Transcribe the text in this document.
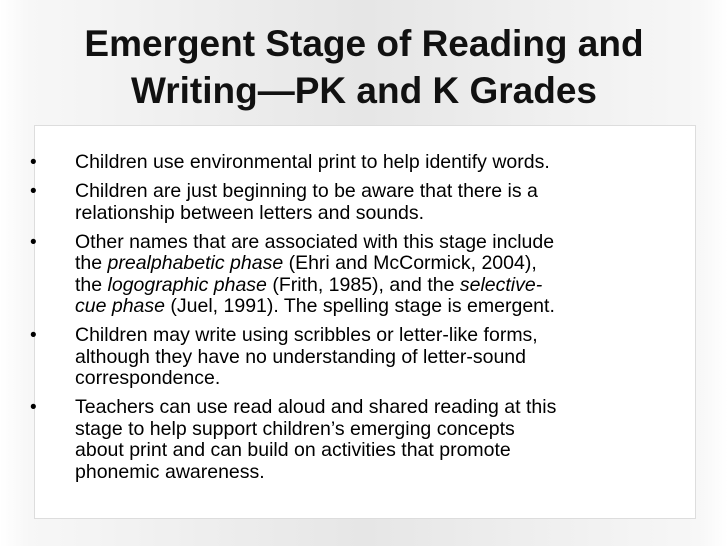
Emergent Stage of Reading and
Writing—PK and K Grades
• Children use environmental print to help identify words.
• Children are just beginning to be aware that there is a
relationship between letters and sounds.
• Other names that are associated with this stage include
the prealphabetic phase (Ehri and McCormick, 2004),
the logographic phase (Frith, 1985), and the selective-
cue phase (Juel, 1991). The spelling stage is emergent.
• Children may write using scribbles or letter-like forms,
although they have no understanding of letter-sound
correspondence.
• Teachers can use read aloud and shared reading at this
stage to help support children’s emerging concepts
about print and can build on activities that promote
phonemic awareness.
